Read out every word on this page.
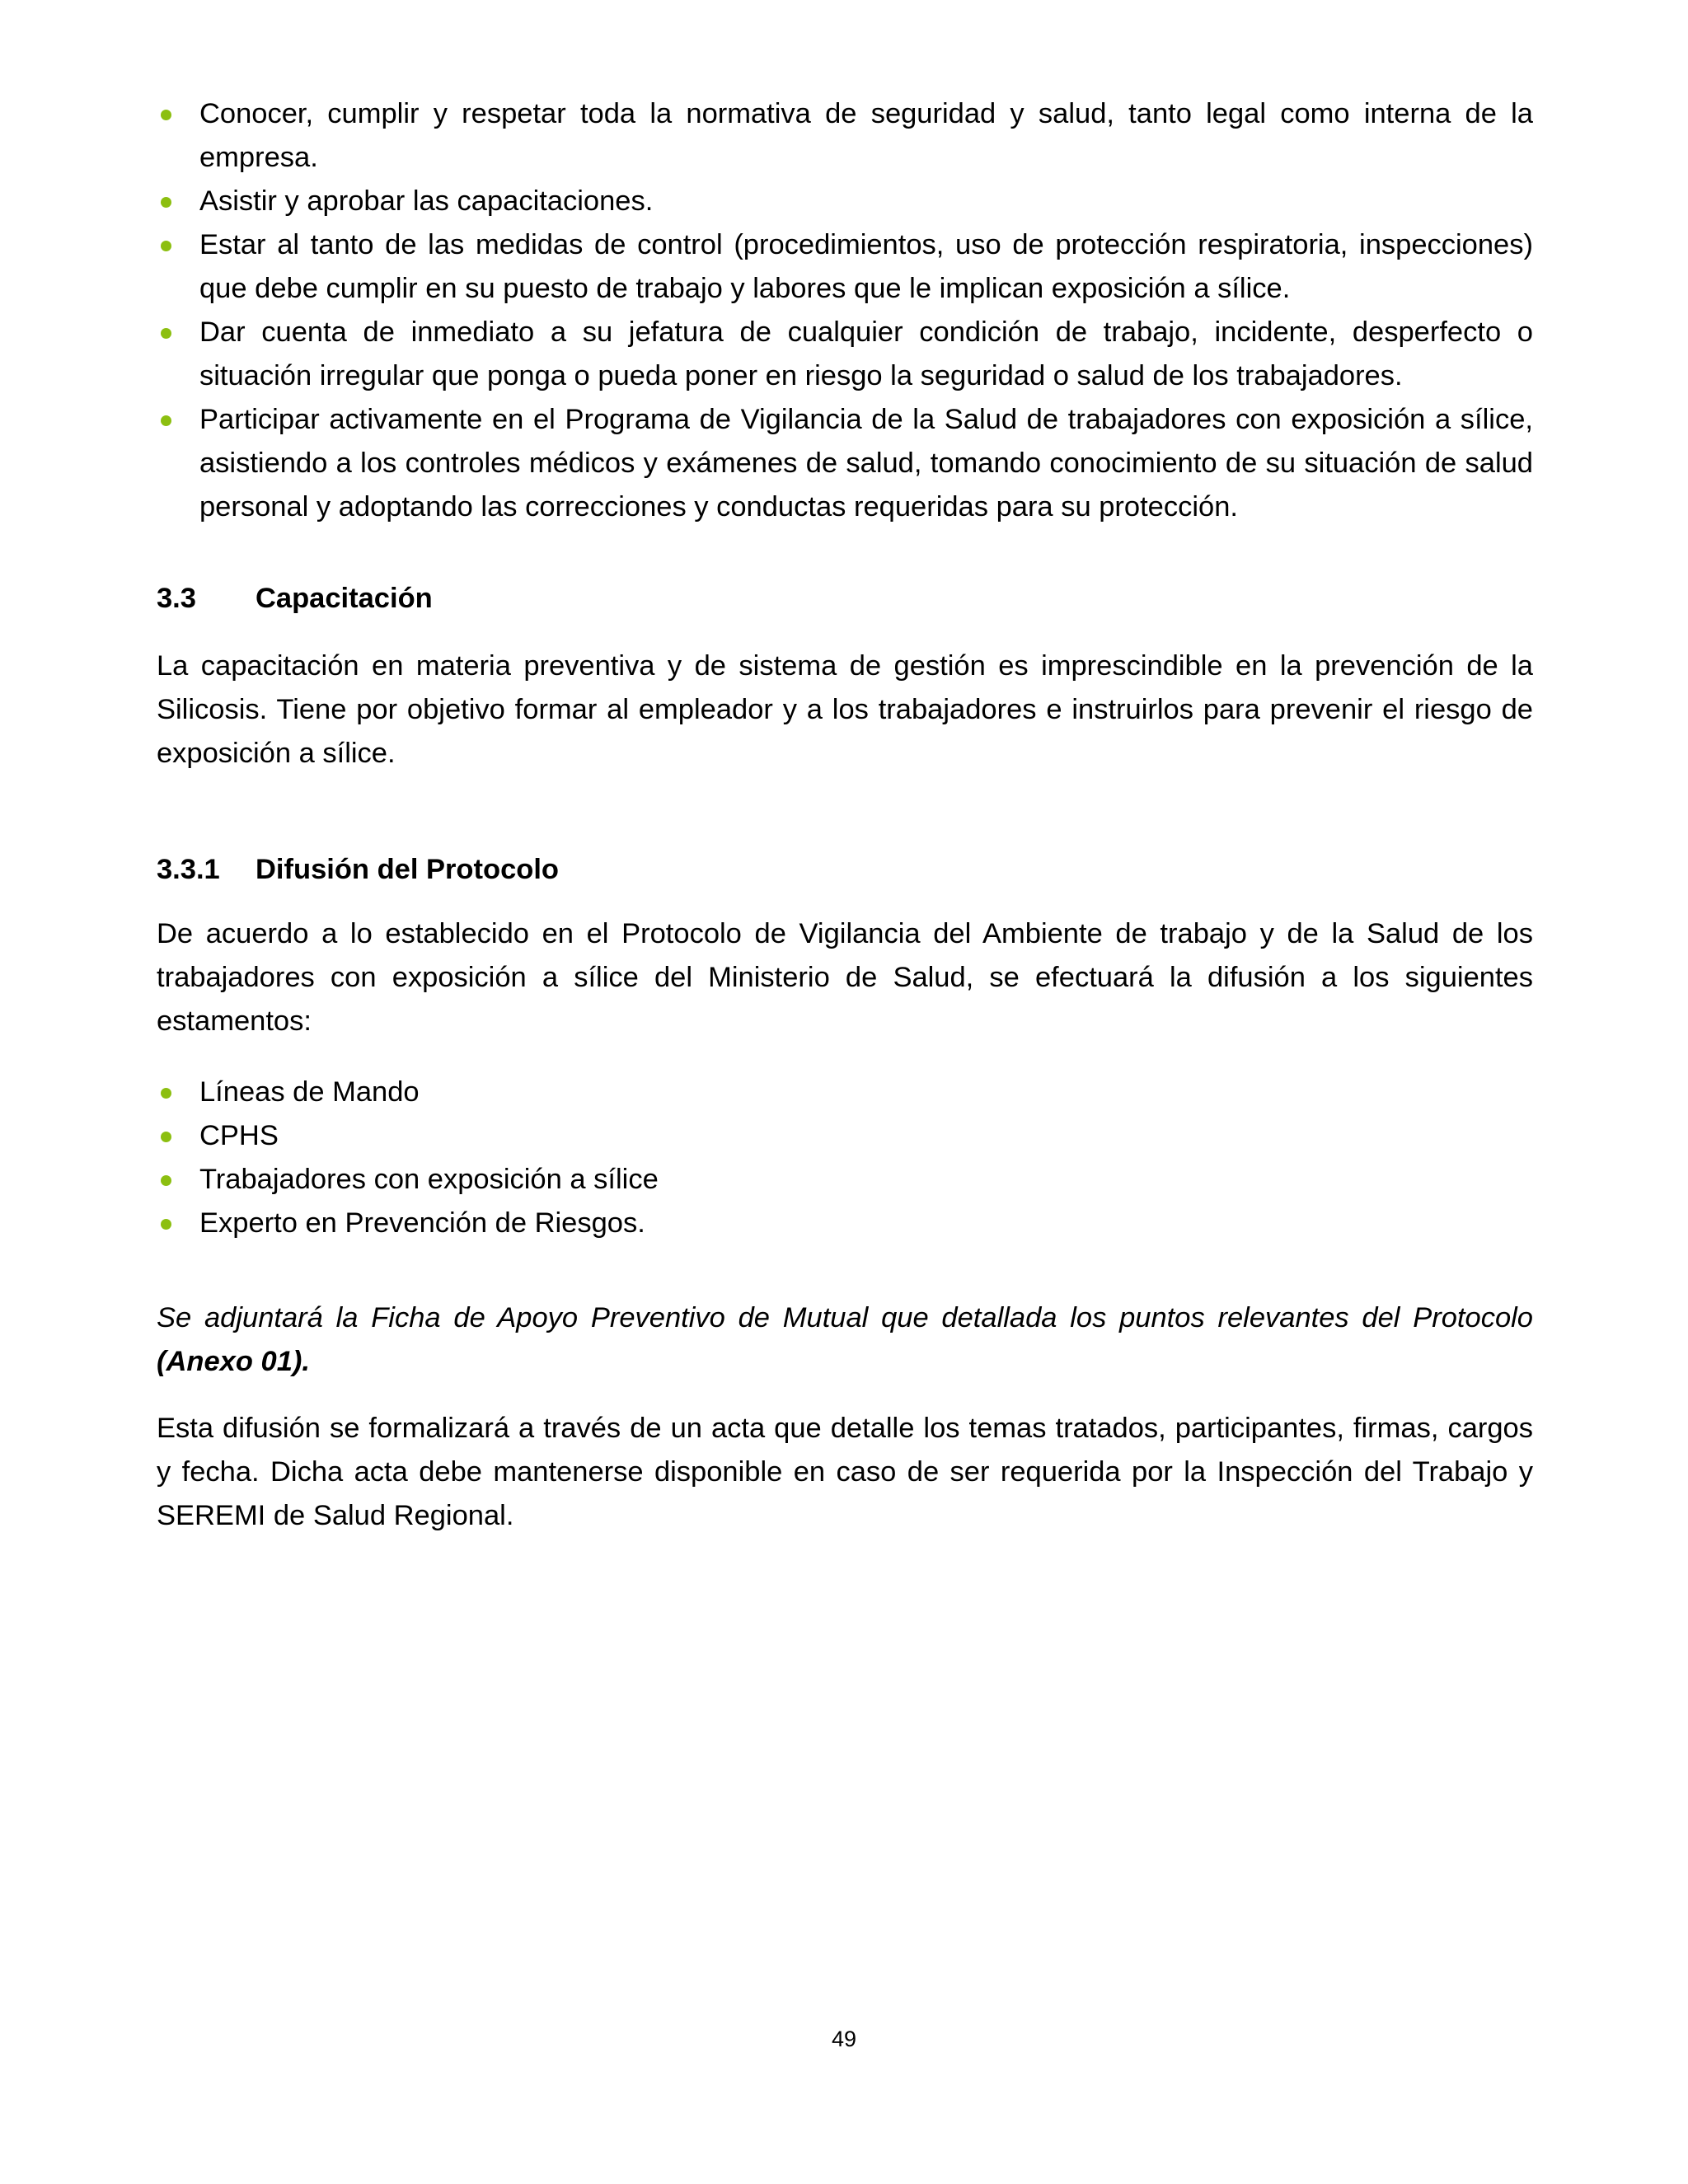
Conocer, cumplir y respetar toda la normativa de seguridad y salud, tanto legal como interna de la empresa.
Asistir y aprobar las capacitaciones.
Estar al tanto de las medidas de control (procedimientos, uso de protección respiratoria, inspecciones) que debe cumplir en su puesto de trabajo y labores que le implican exposición a sílice.
Dar cuenta de inmediato a su jefatura de cualquier condición de trabajo, incidente, desperfecto o situación irregular que ponga o pueda poner en riesgo la seguridad o salud de los trabajadores.
Participar activamente en el Programa de Vigilancia de la Salud de trabajadores con exposición a sílice, asistiendo a los controles médicos y exámenes de salud, tomando conocimiento de su situación de salud personal y adoptando las correcciones y conductas requeridas para su protección.
3.3	Capacitación

La capacitación en materia preventiva y de sistema de gestión es imprescindible en la prevención de la Silicosis. Tiene por objetivo formar al empleador y a los trabajadores e instruirlos para prevenir el riesgo de exposición a sílice.

3.3.1	Difusión del Protocolo

De acuerdo a lo establecido en el Protocolo de Vigilancia del Ambiente de trabajo y de la Salud de los trabajadores con exposición a sílice del Ministerio de Salud, se efectuará la difusión a los siguientes estamentos:

Líneas de Mando
CPHS
Trabajadores con exposición a sílice
Experto en Prevención de Riesgos.

Se adjuntará la Ficha de Apoyo Preventivo de Mutual que detallada los puntos relevantes del Protocolo (Anexo 01).

Esta difusión se formalizará a través de un acta que detalle los temas tratados, participantes, firmas, cargos y fecha. Dicha acta debe mantenerse disponible en caso de ser requerida por la Inspección del Trabajo y SEREMI de Salud Regional.

49
